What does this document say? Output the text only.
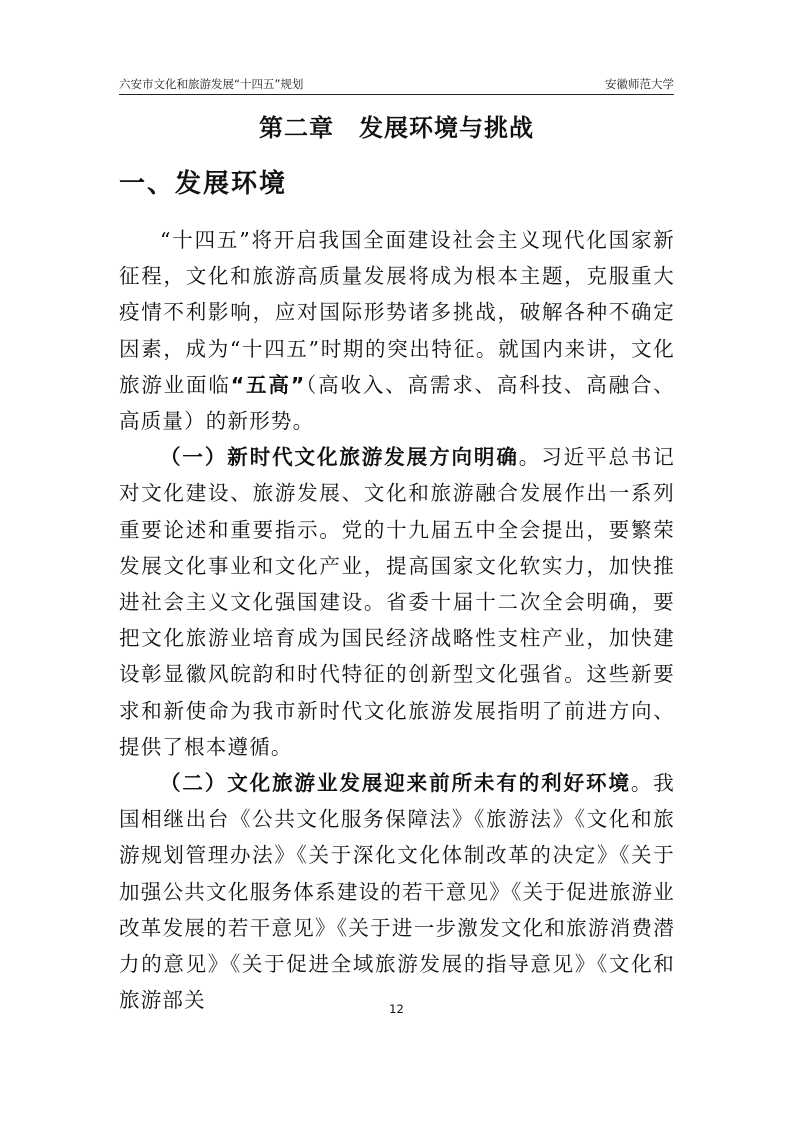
六安市文化和旅游发展“十四五”规划	安徽师范大学
第二章　发展环境与挑战
一、发展环境

“十四五”将开启我国全面建设社会主义现代化国家新征程，文化和旅游高质量发展将成为根本主题，克服重大疫情不利影响，应对国际形势诸多挑战，破解各种不确定因素，成为“十四五”时期的突出特征。就国内来讲，文化旅游业面临“五高”（高收入、高需求、高科技、高融合、高质量）的新形势。

（一）新时代文化旅游发展方向明确。习近平总书记对文化建设、旅游发展、文化和旅游融合发展作出一系列重要论述和重要指示。党的十九届五中全会提出，要繁荣发展文化事业和文化产业，提高国家文化软实力，加快推进社会主义文化强国建设。省委十届十二次全会明确，要把文化旅游业培育成为国民经济战略性支柱产业，加快建设彰显徽风皖韵和时代特征的创新型文化强省。这些新要求和新使命为我市新时代文化旅游发展指明了前进方向、提供了根本遵循。

（二）文化旅游业发展迎来前所未有的利好环境。我国相继出台《公共文化服务保障法》《旅游法》《文化和旅游规划管理办法》《关于深化文化体制改革的决定》《关于加强公共文化服务体系建设的若干意见》《关于促进旅游业改革发展的若干意见》《关于进一步激发文化和旅游消费潜力的意见》《关于促进全域旅游发展的指导意见》《文化和旅游部关	12
